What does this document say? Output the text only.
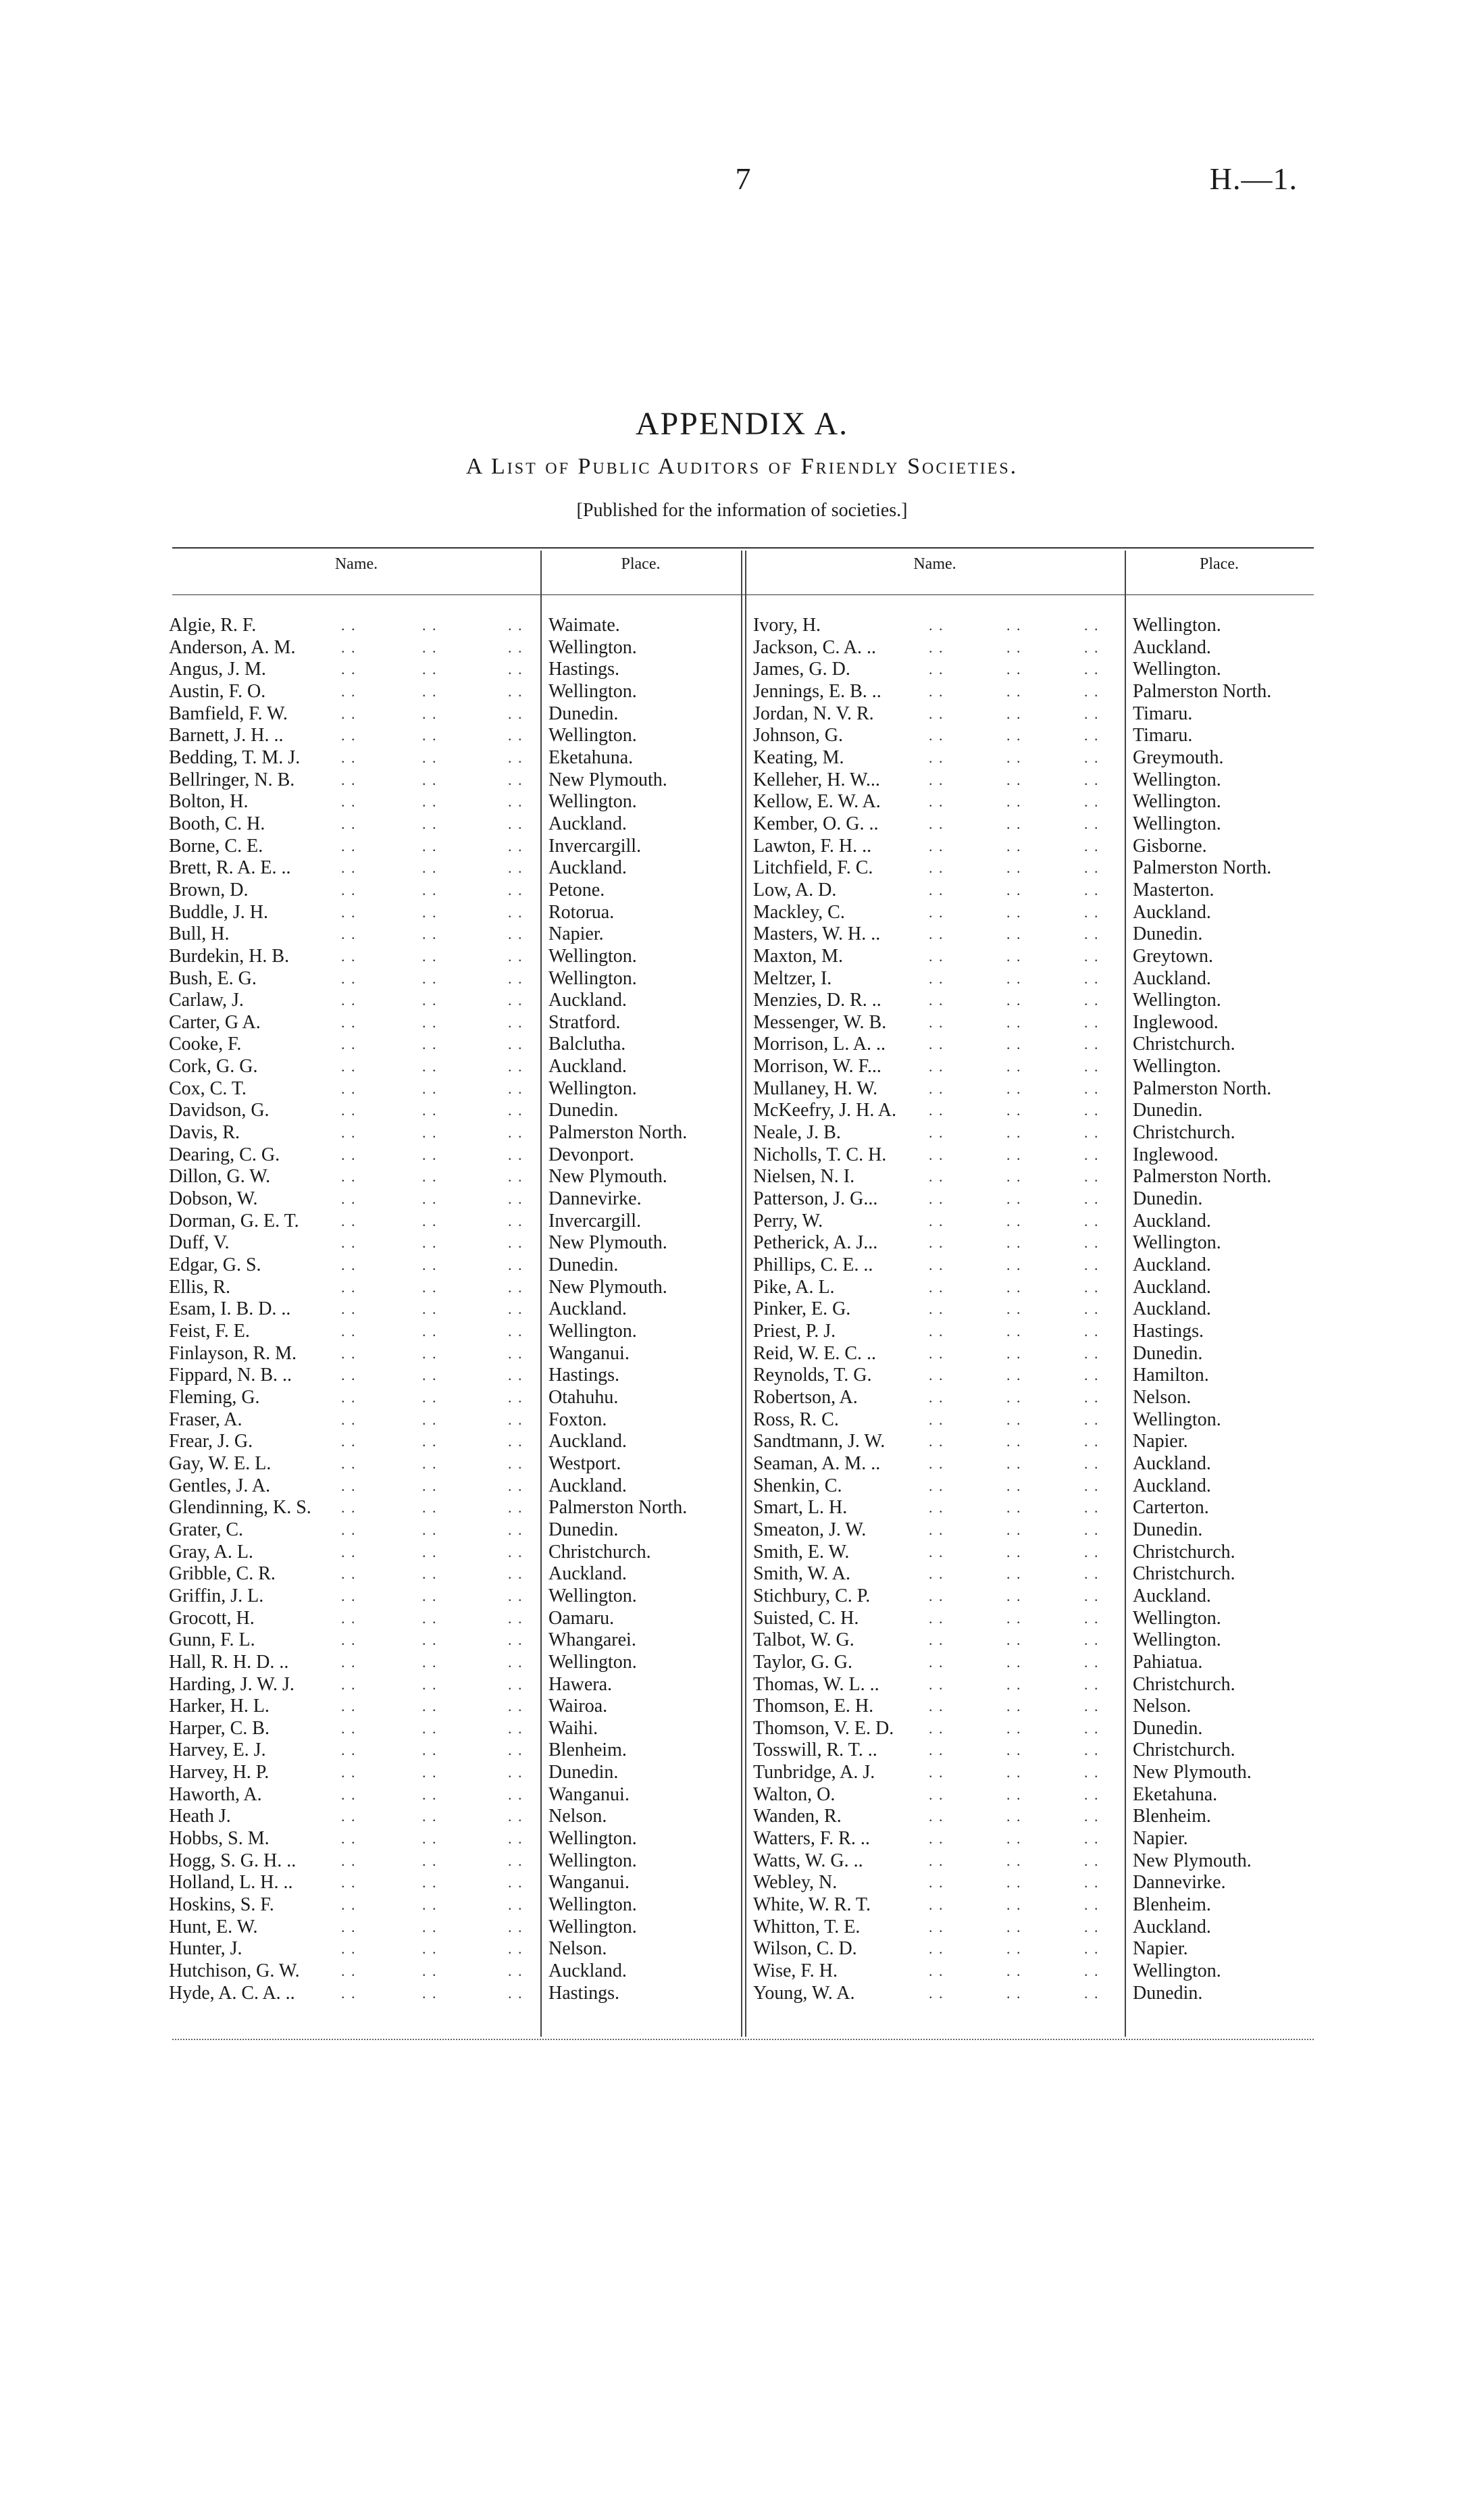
7	H.—1.
APPENDIX A.
A List of Public Auditors of Friendly Societies.
[Published for the information of societies.]
Name.	Place.	Name.	Place.
Algie, R. F.	Waimate.	Ivory, H.	Wellington.
. .	. .	. .	. .	. .	. .
Anderson, A. M.	Wellington.	Jackson, C. A. ..	Auckland.
. .	. .	. .	. .	. .	. .
Angus, J. M.	Hastings.	James, G. D.	Wellington.
. .	. .	. .	. .	. .	. .
Austin, F. O.	Wellington.	Jennings, E. B. ..	Palmerston North.
. .	. .	. .	. .	. .	. .
Bamfield, F. W.	Dunedin.	Jordan, N. V. R.	Timaru.
. .	. .	. .	. .	. .	. .
Barnett, J. H. ..	Wellington.	Johnson, G.	Timaru.
. .	. .	. .	. .	. .	. .
Bedding, T. M. J.	Eketahuna.	Keating, M.	Greymouth.
. .	. .	. .	. .	. .	. .
Bellringer, N. B.	New Plymouth.	Kelleher, H. W...	Wellington.
. .	. .	. .	. .	. .	. .
Bolton, H.	Wellington.	Kellow, E. W. A.	Wellington.
. .	. .	. .	. .	. .	. .
Booth, C. H.	Auckland.	Kember, O. G. ..	Wellington.
. .	. .	. .	. .	. .	. .
Borne, C. E.	Invercargill.	Lawton, F. H. ..	Gisborne.
. .	. .	. .	. .	. .	. .
Brett, R. A. E. ..	Auckland.	Litchfield, F. C.	Palmerston North.
. .	. .	. .	. .	. .	. .
Brown, D.	Petone.	Low, A. D.	Masterton.
. .	. .	. .	. .	. .	. .
Buddle, J. H.	Rotorua.	Mackley, C.	Auckland.
. .	. .	. .	. .	. .	. .
Bull, H.	Napier.	Masters, W. H. ..	Dunedin.
. .	. .	. .	. .	. .	. .
Burdekin, H. B.	Wellington.	Maxton, M.	Greytown.
. .	. .	. .	. .	. .	. .
Bush, E. G.	Wellington.	Meltzer, I.	Auckland.
. .	. .	. .	. .	. .	. .
Carlaw, J.	Auckland.	Menzies, D. R. ..	Wellington.
. .	. .	. .	. .	. .	. .
Carter, G A.	Stratford.	Messenger, W. B.	Inglewood.
. .	. .	. .	. .	. .	. .
Cooke, F.	Balclutha.	Morrison, L. A. ..	Christchurch.
. .	. .	. .	. .	. .	. .
Cork, G. G.	Auckland.	Morrison, W. F...	Wellington.
. .	. .	. .	. .	. .	. .
Cox, C. T.	Wellington.	Mullaney, H. W.	Palmerston North.
. .	. .	. .	. .	. .	. .
Davidson, G.	Dunedin.	McKeefry, J. H. A.	Dunedin.
. .	. .	. .	. .	. .	. .
Davis, R.	Palmerston North.	Neale, J. B.	Christchurch.
. .	. .	. .	. .	. .	. .
Dearing, C. G.	Devonport.	Nicholls, T. C. H.	Inglewood.
. .	. .	. .	. .	. .	. .
Dillon, G. W.	New Plymouth.	Nielsen, N. I.	Palmerston North.
. .	. .	. .	. .	. .	. .
Dobson, W.	Dannevirke.	Patterson, J. G...	Dunedin.
. .	. .	. .	. .	. .	. .
Dorman, G. E. T.	Invercargill.	Perry, W.	Auckland.
. .	. .	. .	. .	. .	. .
Duff, V.	New Plymouth.	Petherick, A. J...	Wellington.
. .	. .	. .	. .	. .	. .
Edgar, G. S.	Dunedin.	Phillips, C. E. ..	Auckland.
. .	. .	. .	. .	. .	. .
Ellis, R.	New Plymouth.	Pike, A. L.	Auckland.
. .	. .	. .	. .	. .	. .
Esam, I. B. D. ..	Auckland.	Pinker, E. G.	Auckland.
. .	. .	. .	. .	. .	. .
Feist, F. E.	Wellington.	Priest, P. J.	Hastings.
. .	. .	. .	. .	. .	. .
Finlayson, R. M.	Wanganui.	Reid, W. E. C. ..	Dunedin.
. .	. .	. .	. .	. .	. .
Fippard, N. B. ..	Hastings.	Reynolds, T. G.	Hamilton.
. .	. .	. .	. .	. .	. .
Fleming, G.	Otahuhu.	Robertson, A.	Nelson.
. .	. .	. .	. .	. .	. .
Fraser, A.	Foxton.	Ross, R. C.	Wellington.
. .	. .	. .	. .	. .	. .
Frear, J. G.	Auckland.	Sandtmann, J. W.	Napier.
. .	. .	. .	. .	. .	. .
Gay, W. E. L.	Westport.	Seaman, A. M. ..	Auckland.
. .	. .	. .	. .	. .	. .
Gentles, J. A.	Auckland.	Shenkin, C.	Auckland.
. .	. .	. .	. .	. .	. .
Glendinning, K. S.	Palmerston North.	Smart, L. H.	Carterton.
. .	. .	. .	. .	. .	. .
Grater, C.	Dunedin.	Smeaton, J. W.	Dunedin.
. .	. .	. .	. .	. .	. .
Gray, A. L.	Christchurch.	Smith, E. W.	Christchurch.
. .	. .	. .	. .	. .	. .
Gribble, C. R.	Auckland.	Smith, W. A.	Christchurch.
. .	. .	. .	. .	. .	. .
Griffin, J. L.	Wellington.	Stichbury, C. P.	Auckland.
. .	. .	. .	. .	. .	. .
Grocott, H.	Oamaru.	Suisted, C. H.	Wellington.
. .	. .	. .	. .	. .	. .
Gunn, F. L.	Whangarei.	Talbot, W. G.	Wellington.
. .	. .	. .	. .	. .	. .
Hall, R. H. D. ..	Wellington.	Taylor, G. G.	Pahiatua.
. .	. .	. .	. .	. .	. .
Harding, J. W. J.	Hawera.	Thomas, W. L. ..	Christchurch.
. .	. .	. .	. .	. .	. .
Harker, H. L.	Wairoa.	Thomson, E. H.	Nelson.
. .	. .	. .	. .	. .	. .
Harper, C. B.	Waihi.	Thomson, V. E. D.	Dunedin.
. .	. .	. .	. .	. .	. .
Harvey, E. J.	Blenheim.	Tosswill, R. T. ..	Christchurch.
. .	. .	. .	. .	. .	. .
Harvey, H. P.	Dunedin.	Tunbridge, A. J.	New Plymouth.
. .	. .	. .	. .	. .	. .
Haworth, A.	Wanganui.	Walton, O.	Eketahuna.
. .	. .	. .	. .	. .	. .
Heath J.	Nelson.	Wanden, R.	Blenheim.
. .	. .	. .	. .	. .	. .
Hobbs, S. M.	Wellington.	Watters, F. R. ..	Napier.
. .	. .	. .	. .	. .	. .
Hogg, S. G. H. ..	Wellington.	Watts, W. G. ..	New Plymouth.
. .	. .	. .	. .	. .	. .
Holland, L. H. ..	Wanganui.	Webley, N.	Dannevirke.
. .	. .	. .	. .	. .	. .
Hoskins, S. F.	Wellington.	White, W. R. T.	Blenheim.
. .	. .	. .	. .	. .	. .
Hunt, E. W.	Wellington.	Whitton, T. E.	Auckland.
. .	. .	. .	. .	. .	. .
Hunter, J.	Nelson.	Wilson, C. D.	Napier.
. .	. .	. .	. .	. .	. .
Hutchison, G. W.	Auckland.	Wise, F. H.	Wellington.
. .	. .	. .	. .	. .	. .
Hyde, A. C. A. ..	Hastings.	Young, W. A.	Dunedin.
. .	. .	. .	. .	. .	. .
